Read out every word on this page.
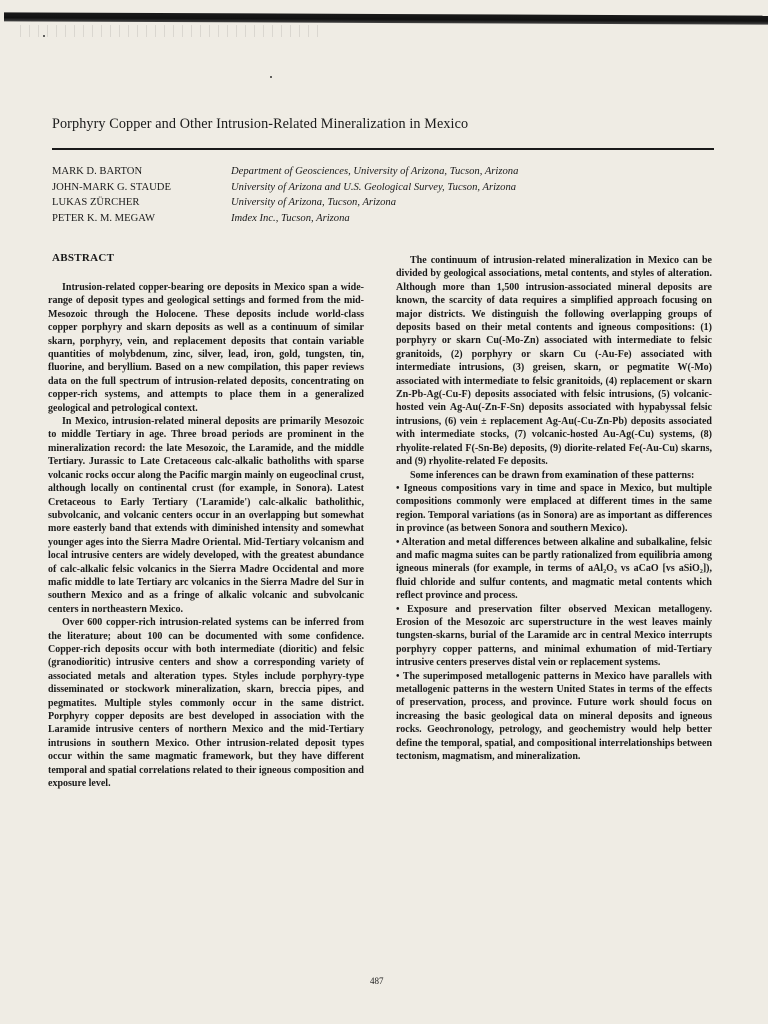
Porphyry Copper and Other Intrusion-Related Mineralization in Mexico
MARK D. BARTON
JOHN-MARK G. STAUDE
LUKAS ZÜRCHER
PETER K. M. MEGAW
Department of Geosciences, University of Arizona, Tucson, Arizona
University of Arizona and U.S. Geological Survey, Tucson, Arizona
University of Arizona, Tucson, Arizona
Imdex Inc., Tucson, Arizona
ABSTRACT

Intrusion-related copper-bearing ore deposits in Mexico span a wide-range of deposit types and geological settings and formed from the mid-Mesozoic through the Holocene. These deposits include world-class copper porphyry and skarn deposits as well as a continuum of similar skarn, porphyry, vein, and replacement deposits that contain variable quantities of molybdenum, zinc, silver, lead, iron, gold, tungsten, tin, fluorine, and beryllium. Based on a new compilation, this paper reviews data on the full spectrum of intrusion-related deposits, concentrating on copper-rich systems, and attempts to place them in a generalized geological and petrological context.

In Mexico, intrusion-related mineral deposits are primarily Mesozoic to middle Tertiary in age. Three broad periods are prominent in the mineralization record: the late Mesozoic, the Laramide, and the middle Tertiary. Jurassic to Late Cretaceous calc-alkalic batholiths with sparse volcanic rocks occur along the Pacific margin mainly on eugeoclinal crust, although locally on continental crust (for example, in Sonora). Latest Cretaceous to Early Tertiary ('Laramide') calc-alkalic batholithic, subvolcanic, and volcanic centers occur in an overlapping but somewhat more easterly band that extends with diminished intensity and somewhat younger ages into the Sierra Madre Oriental. Mid-Tertiary volcanism and local intrusive centers are widely developed, with the greatest abundance of calc-alkalic felsic volcanics in the Sierra Madre Occidental and more mafic middle to late Tertiary arc volcanics in the Sierra Madre del Sur in southern Mexico and as a fringe of alkalic volcanic and subvolcanic centers in northeastern Mexico.

Over 600 copper-rich intrusion-related systems can be inferred from the literature; about 100 can be documented with some confidence. Copper-rich deposits occur with both intermediate (dioritic) and felsic (granodioritic) intrusive centers and show a corresponding variety of associated metals and alteration types. Styles include porphyry-type disseminated or stockwork mineralization, skarn, breccia pipes, and pegmatites. Multiple styles commonly occur in the same district. Porphyry copper deposits are best developed in association with the Laramide intrusive centers of northern Mexico and the mid-Tertiary intrusions in southern Mexico. Other intrusion-related deposit types occur within the same magmatic framework, but they have different temporal and spatial correlations related to their igneous composition and exposure level.

The continuum of intrusion-related mineralization in Mexico can be divided by geological associations, metal contents, and styles of alteration. Although more than 1,500 intrusion-associated mineral deposits are known, the scarcity of data requires a simplified approach focusing on major districts. We distinguish the following overlapping groups of deposits based on their metal contents and igneous compositions: (1) porphyry or skarn Cu(-Mo-Zn) associated with intermediate to felsic granitoids, (2) porphyry or skarn Cu (-Au-Fe) associated with intermediate intrusions, (3) greisen, skarn, or pegmatite W(-Mo) associated with intermediate to felsic granitoids, (4) replacement or skarn Zn-Pb-Ag(-Cu-F) deposits associated with felsic intrusions, (5) volcanic-hosted vein Ag-Au(-Zn-F-Sn) deposits associated with hypabyssal felsic intrusions, (6) vein ± replacement Ag-Au(-Cu-Zn-Pb) deposits associated with intermediate stocks, (7) volcanic-hosted Au-Ag(-Cu) systems, (8) rhyolite-related F(-Sn-Be) deposits, (9) diorite-related Fe(-Au-Cu) skarns, and (9) rhyolite-related Fe deposits.

Some inferences can be drawn from examination of these patterns:

• Igneous compositions vary in time and space in Mexico, but multiple compositions commonly were emplaced at different times in the same region. Temporal variations (as in Sonora) are as important as differences in province (as between Sonora and southern Mexico).

• Alteration and metal differences between alkaline and subalkaline, felsic and mafic magma suites can be partly rationalized from equilibria among igneous minerals (for example, in terms of aAl₂O₃ vs aCaO [vs aSiO₂]), fluid chloride and sulfur contents, and magmatic metal contents which reflect province and process.

• Exposure and preservation filter observed Mexican metallogeny. Erosion of the Mesozoic arc superstructure in the west leaves mainly tungsten-skarns, burial of the Laramide arc in central Mexico interrupts porphyry copper patterns, and minimal exhumation of mid-Tertiary intrusive centers preserves distal vein or replacement systems.

• The superimposed metallogenic patterns in Mexico have parallels with metallogenic patterns in the western United States in terms of the effects of preservation, process, and province. Future work should focus on increasing the basic geological data on mineral deposits and igneous rocks. Geochronology, petrology, and geochemistry would help better define the temporal, spatial, and compositional interrelationships between tectonism, magmatism, and mineralization.

487
